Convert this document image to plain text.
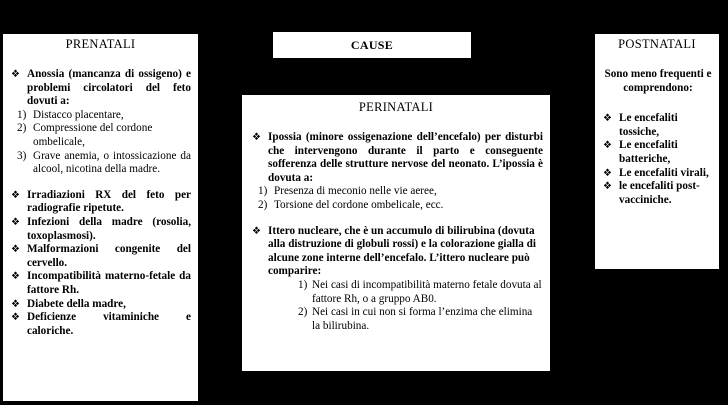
PRENATALI
❖ Anossia (mancanza di ossigeno) e problemi circolatori del feto dovuti a:
1) Distacco placentare,
2) Compressione del cordone ombelicale,
3) Grave anemia, o intossicazione da alcool, nicotina della madre.
❖ Irradiazioni RX del feto per radiografie ripetute.
❖ Infezioni della madre (rosolia, toxoplasmosi).
❖ Malformazioni congenite del cervello.
❖ Incompatibilità materno-fetale da fattore Rh.
❖ Diabete della madre,
❖ Deficienze vitaminiche e caloriche.
CAUSE
PERINATALI
❖ Ipossia (minore ossigenazione dell’encefalo) per disturbi che intervengono durante il parto e conseguente sofferenza delle strutture nervose del neonato. L’ipossia è dovuta a:
1) Presenza di meconio nelle vie aeree,
2) Torsione del cordone ombelicale, ecc.
❖ Ittero nucleare, che è un accumulo di bilirubina (dovuta alla distruzione di globuli rossi) e la colorazione gialla di alcune zone interne dell’encefalo. L’ittero nucleare può comparire:
1) Nei casi di incompatibilità materno fetale dovuta al fattore Rh, o a gruppo AB0.
2) Nei casi in cui non si forma l’enzima che elimina la bilirubina.
POSTNATALI
Sono meno frequenti e comprendono:
❖ Le encefaliti tossiche,
❖ Le encefaliti batteriche,
❖ Le encefaliti virali,
❖ le encefaliti post-vacciniche.
